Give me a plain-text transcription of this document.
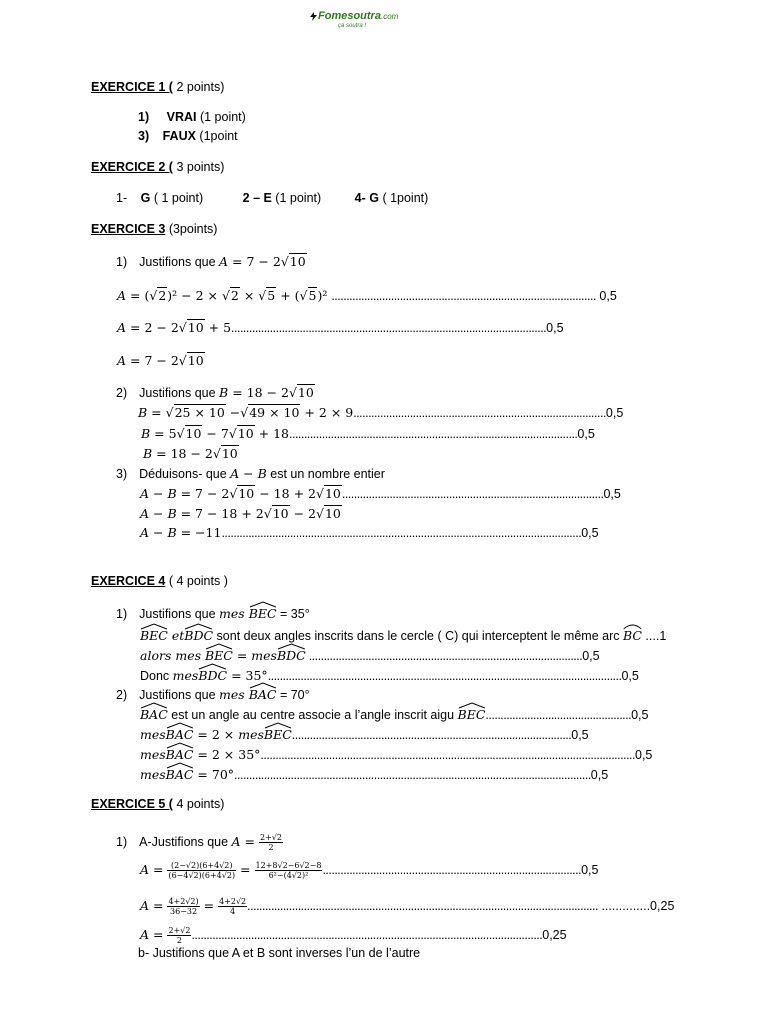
Fomesoutra.com
ça soutra !
EXERCICE 1 ( 2 points)
1) VRAI (1 point)
3) FAUX (1point
EXERCICE 2 ( 3 points)
1- G ( 1 point)	2 – E (1 point)	4- G ( 1point)
EXERCICE 3 (3points)
1) Justifions que A = 7 − 2√10
A = (√2)² − 2 × √2 × √5 + (√5)² ......................................................................................... 0,5
A = 2 − 2√10 + 5..........................................................................................................0,5
A = 7 − 2√10
2) Justifions que B = 18 − 2√10
B = √25 × 10 −√49 × 10 + 2 × 9.....................................................................................0,5
B = 5√10 − 7√10 + 18.................................................................................................0,5
B = 18 − 2√10
3) Déduisons- que A − B est un nombre entier
A − B = 7 − 2√10 − 18 + 2√10........................................................................................0,5
A − B = 7 − 18 + 2√10 − 2√10
A − B = −11.........................................................................................................................0,5
EXERCICE 4 ( 4 points )
1) Justifions que mes BEC
= 35°
BEC
etBDC
sont deux angles inscrits dans le cercle ( C) qui interceptent le même arc BC
....1
alors mes BEC
= mesBDC
............................................................................................0,5
Donc mesBDC
= 35°.......................................................................................................................0,5
2) Justifions que mes BAC
= 70°
BAC
est un angle au centre associe a l’angle inscrit aigu BEC
.................................................0,5
mesBAC
= 2 × mesBEC
..............................................................................................0,5
mesBAC
= 2 × 35°..............................................................................................................................0,5
mesBAC
= 70°........................................................................................................................0,5
EXERCICE 5 ( 4 points)
1) A-Justifions que $A = \frac{2+√2}{2}$
$A = \frac{(2-√2)(6+4√2)}{(6-4√2)(6+4√2)} = \frac{12+8√2-6√2-8}{\text{6²−(4√2)²}} .......................................................................................0,5$
$A = \frac{4+2√2)}{36-32} = \frac{4+2√2}{4}$ ...................................................................................................................... ..............0,25
$A = \frac{2+√2}{2} ......................................................................................................................0$,25
b- Justifions que A et B sont inverses l’un de l’autre
